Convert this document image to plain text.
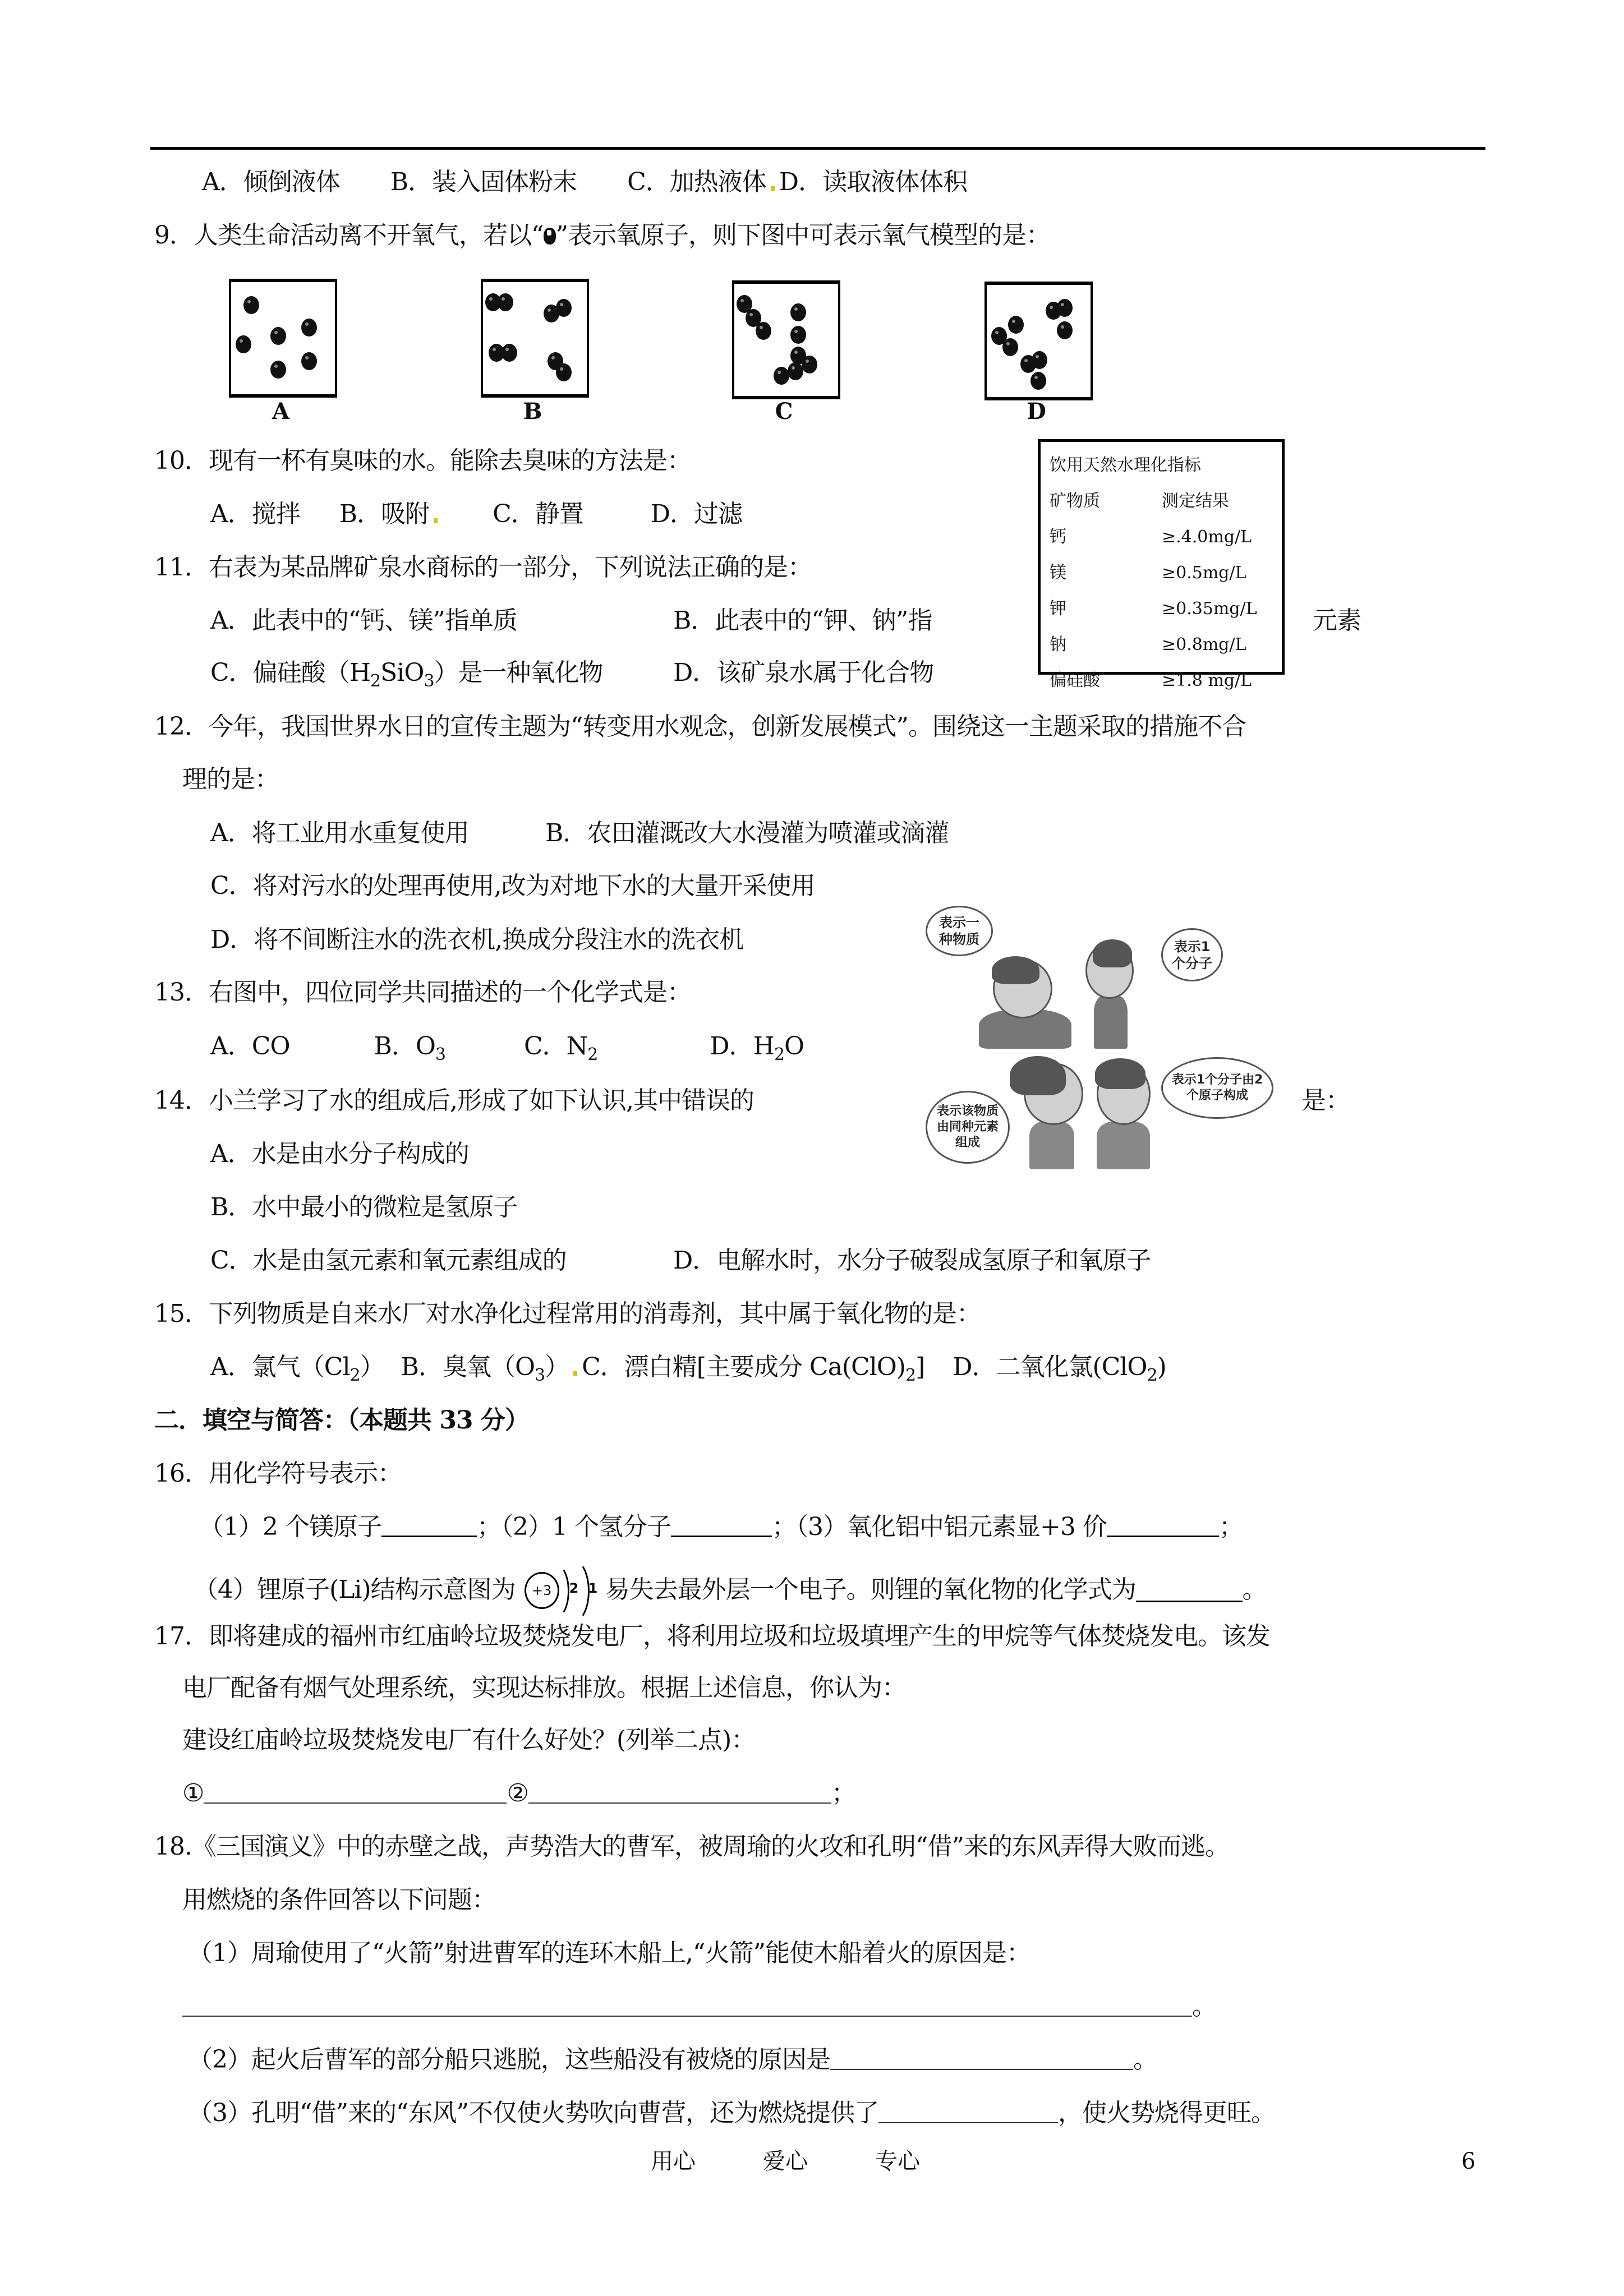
A．倾倒液体 B．装入固体粉末 C．加热液体 D．读取液体体积
9．人类生命活动离不开氧气，若以“ ”表示氧原子，则下图中可表示氧气模型的是：
A	B	C	D
10．现有一杯有臭味的水。能除去臭味的方法是：
A．搅拌 B．吸附	C．静置	D．过滤
饮用天然水理化指标
矿物质	测定结果
钙	≥.4.0mg/L
镁	≥0.5mg/L
钾	≥0.35mg/L
钠	≥0.8mg/L
偏硅酸	≥1.8 mg/L
11．右表为某品牌矿泉水商标的一部分，下列说法正确的是：
A．此表中的“钙、镁”指单质	B．此表中的“钾、钠”指	元素
C．偏硅酸$(H_2SiO_3)$是一种氧化物	D．该矿泉水属于化合物
12．今年，我国世界水日的宣传主题为“转变用水观念，创新发展模式”。围绕这一主题采取的措施不合
理的是：
A．将工业用水重复使用	B．农田灌溉改大水漫灌为喷灌或滴灌
C．将对污水的处理再使用,改为对地下水的大量开采使用
D．将不间断注水的洗衣机,换成分段注水的洗衣机
表示一种物质	表示1个分子
表示该物质由同种元素组成
表示1个分子由2个原子构成
13．右图中，四位同学共同描述的一个化学式是：
A．CO	B．$O_3$	C．$N_2$	D．$H_2O$
14．小兰学习了水的组成后,形成了如下认识,其中错误的	是：
A．水是由水分子构成的
B．水中最小的微粒是氢原子
C．水是由氢元素和氧元素组成的	D．电解水时，水分子破裂成氢原子和氧原子
15．下列物质是自来水厂对水净化过程常用的消毒剂，其中属于氧化物的是：
A．氯气$(Cl_2)$ B．臭氧$(O_3)$ C．漂白精[主要成分 $Ca(ClO)_2$] D．二氧化氯(ClO$_2$)
二．填空与简答：（本题共 33 分）
16．用化学符号表示：
（1）2 个镁原子	；（2）1 个氢分子	；（3）氧化铝中铝元素显+3 价	；
（4）锂原子(Li)结构示意图为	+3	2 1 易失去最外层一个电子。则锂的氧化物的化学式为	。
17．即将建成的福州市红庙岭垃圾焚烧发电厂，将利用垃圾和垃圾填埋产生的甲烷等气体焚烧发电。该发
电厂配备有烟气处理系统，实现达标排放。根据上述信息，你认为：
建设红庙岭垃圾焚烧发电厂有什么好处？(列举二点)：
①	②	；
18.《三国演义》中的赤壁之战，声势浩大的曹军，被周瑜的火攻和孔明“借”来的东风弄得大败而逃。
用燃烧的条件回答以下问题：
（1）周瑜使用了“火箭”射进曹军的连环木船上,“火箭”能使木船着火的原因是：
。
（2）起火后曹军的部分船只逃脱，这些船没有被烧的原因是	。
（3）孔明“借”来的“东风”不仅使火势吹向曹营，还为燃烧提供了	，使火势烧得更旺。
用心	爱心	专心	6
